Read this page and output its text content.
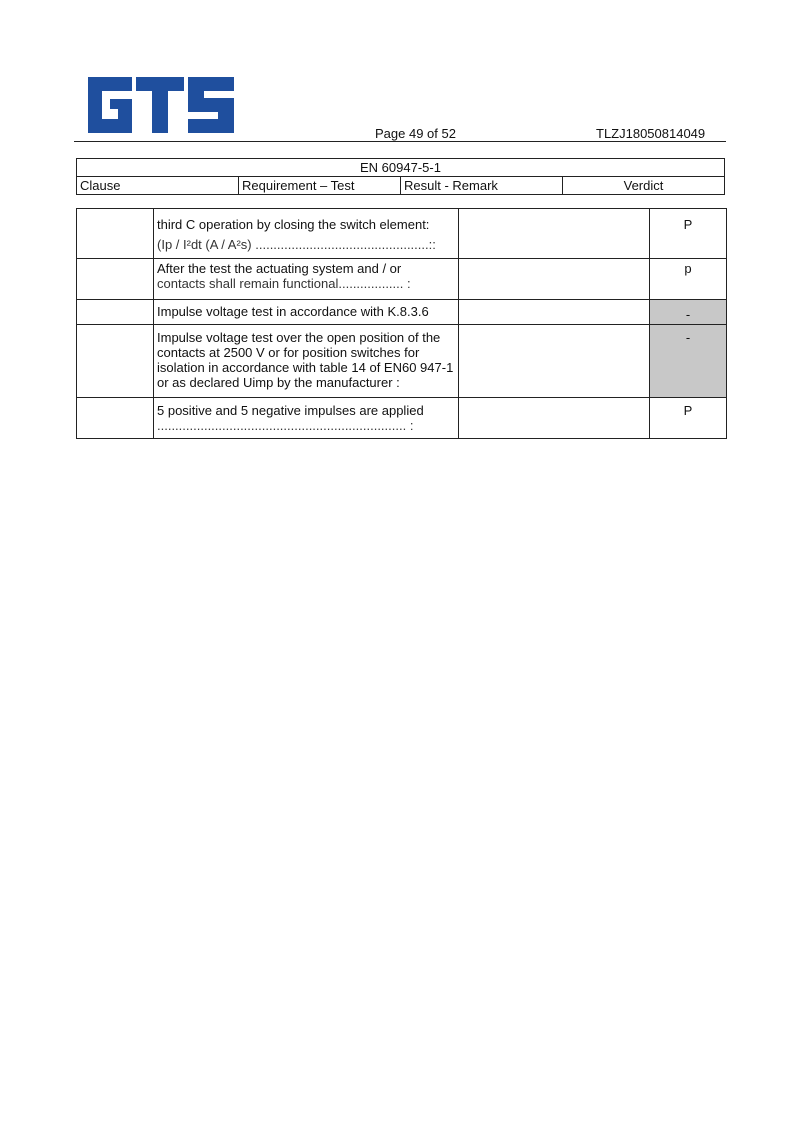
Page 49 of 52	TLZJ18050814049
EN 60947-5-1
Clause	Requirement – Test	Result - Remark	Verdict

	third C operation by closing the switch element:
(Ip / I²dt (A / A²s) ................................................::		P

	After the test the actuating system and / or
contacts shall remain functional.................. :		p

	Impulse voltage test in accordance with K.8.3.6		-

	Impulse voltage test over the open position of the contacts at 2500 V or for position switches for isolation in accordance with table 14 of EN60 947-1 or as declared Uimp by the manufacturer :		-

	5 positive and 5 negative impulses are applied
..................................................................... :		P
